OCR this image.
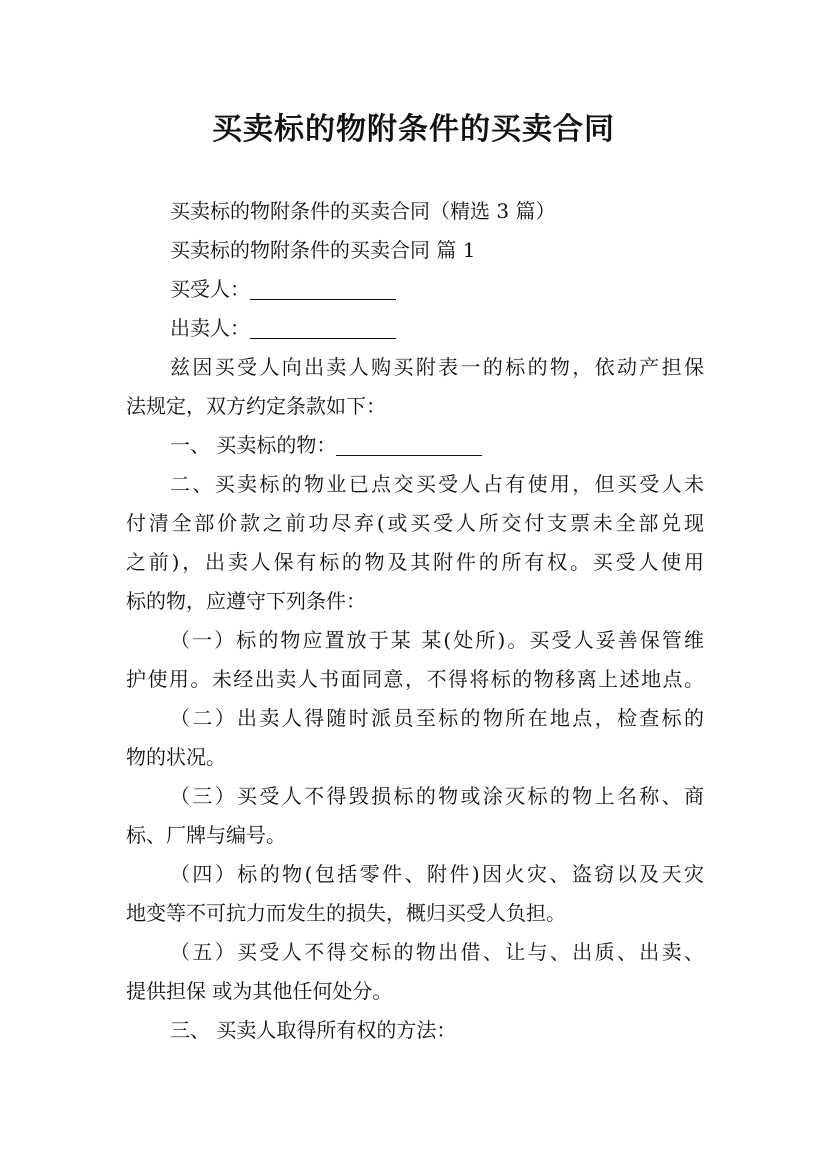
买卖标的物附条件的买卖合同
买卖标的物附条件的买卖合同（精选 3 篇）
买卖标的物附条件的买卖合同 篇 1
买受人：
出卖人：
兹因买受人向出卖人购买附表一的标的物，依动产担保
法规定，双方约定条款如下：
一、 买卖标的物：
二、买卖标的物业已点交买受人占有使用，但买受人未
付清全部价款之前功尽弃(或买受人所交付支票未全部兑现
之前)，出卖人保有标的物及其附件的所有权。买受人使用
标的物，应遵守下列条件：
（一）标的物应置放于某 某(处所)。买受人妥善保管维
护使用。未经出卖人书面同意，不得将标的物移离上述地点。
（二）出卖人得随时派员至标的物所在地点，检查标的
物的状况。
（三）买受人不得毁损标的物或涂灭标的物上名称、商
标、厂牌与编号。
（四）标的物(包括零件、附件)因火灾、盗窃以及天灾
地变等不可抗力而发生的损失，概归买受人负担。
（五）买受人不得交标的物出借、让与、出质、出卖、
提供担保 或为其他任何处分。
三、 买卖人取得所有权的方法：
